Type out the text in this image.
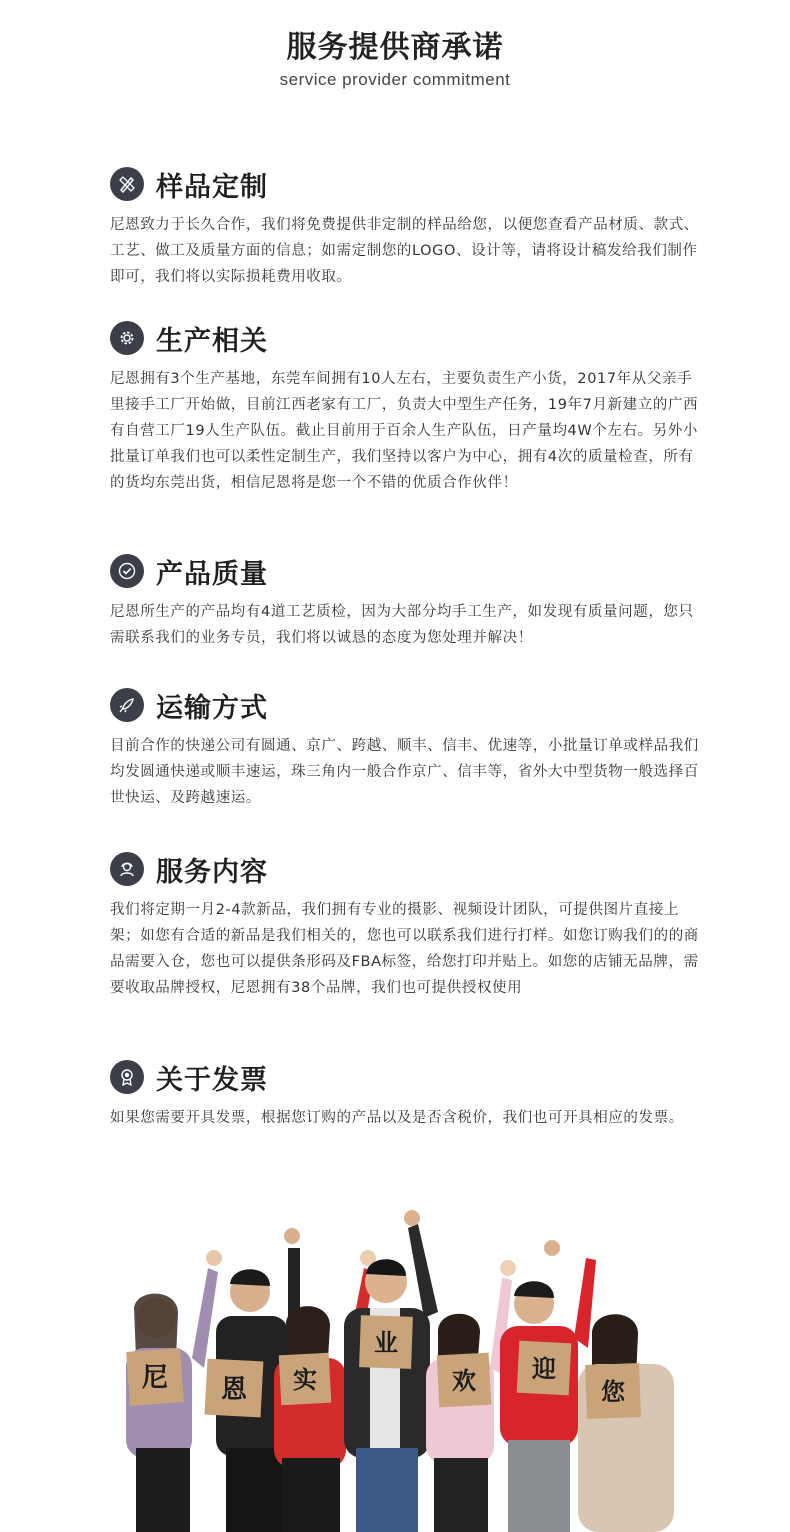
服务提供商承诺
service provider commitment
样品定制
尼恩致力于长久合作，我们将免费提供非定制的样品给您，以便您查看产品材质、款式、工艺、做工及质量方面的信息；如需定制您的LOGO、设计等，请将设计稿发给我们制作即可，我们将以实际损耗费用收取。
生产相关
尼恩拥有3个生产基地，东莞车间拥有10人左右，主要负责生产小货，2017年从父亲手里接手工厂开始做，目前江西老家有工厂，负责大中型生产任务，19年7月新建立的广西有自营工厂19人生产队伍。截止目前用于百余人生产队伍，日产量均4W个左右。另外小批量订单我们也可以柔性定制生产，我们坚持以客户为中心，拥有4次的质量检查，所有的货均东莞出货，相信尼恩将是您一个不错的优质合作伙伴！
产品质量
尼恩所生产的产品均有4道工艺质检，因为大部分均手工生产，如发现有质量问题，您只需联系我们的业务专员，我们将以诚恳的态度为您处理并解决！
运输方式
目前合作的快递公司有圆通、京广、跨越、顺丰、信丰、优速等，小批量订单或样品我们均发圆通快递或顺丰速运，珠三角内一般合作京广、信丰等，省外大中型货物一般选择百世快运、及跨越速运。
服务内容
我们将定期一月2-4款新品，我们拥有专业的摄影、视频设计团队，可提供图片直接上架；如您有合适的新品是我们相关的，您也可以联系我们进行打样。如您订购我们的的商品需要入仓，您也可以提供条形码及FBA标签，给您打印并贴上。如您的店铺无品牌，需要收取品牌授权，尼恩拥有38个品牌，我们也可提供授权使用
关于发票
如果您需要开具发票，根据您订购的产品以及是否含税价，我们也可开具相应的发票。
尼 恩 实
业
欢 迎
您
